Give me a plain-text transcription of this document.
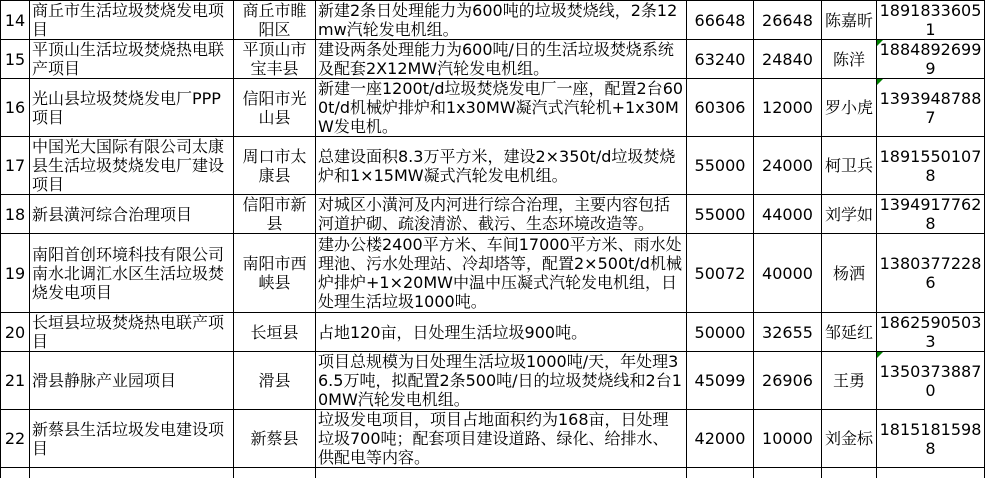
14	商丘市生活垃圾焚烧发电项目	商丘市睢阳区	新建2条日处理能力为600吨的垃圾焚烧线，2条12mw汽轮发电机组。	66648	26648	陈嘉昕	18918336051
15	平顶山生活垃圾焚烧热电联产项目	平顶山市宝丰县	建设两条处理能力为600吨/日的生活垃圾焚烧系统及配套2X12MW汽轮发电机组。	63240	24840	陈洋	18848926999

16	光山县垃圾焚烧发电厂PPP项目	信阳市光山县	新建一座1200t/d垃圾焚烧发电厂一座，配置2台600t/d机械炉排炉和1x30MW凝汽式汽轮机+1x30MW发电机。	60306	12000	罗小虎	13939487887

17	中国光大国际有限公司太康县生活垃圾焚烧发电厂建设项目	周口市太康县	总建设面积8.3万平方米，建设2×350t/d垃圾焚烧炉和1×15MW凝式汽轮发电机组。	55000	24000	柯卫兵	18915501078
18	新县潢河综合治理项目	信阳市新县	对城区小潢河及内河进行综合治理，主要内容包括河道护砌、疏浚清淤、截污、生态环境改造等。	55000	44000	刘学如	13949177628
19	南阳首创环境科技有限公司南水北调汇水区生活垃圾焚烧发电项目	南阳市西峡县	建办公楼2400平方米、车间17000平方米、雨水处理池、污水处理站、冷却塔等，配置2×500t/d机械炉排炉+1×20MW中温中压凝式汽轮发电机组，日处理生活垃圾1000吨。	50072	40000	杨洒	13803772286
20	长垣县垃圾焚烧热电联产项目	长垣县	占地120亩，日处理生活垃圾900吨。	50000	32655	邹延红	18625905033
21	滑县静脉产业园项目	滑县	项目总规模为日处理生活垃圾1000吨/天，年处理36.5万吨，拟配置2条500吨/日的垃圾焚烧线和2台10MW汽轮发电机组。	45099	26906	王勇	13503738870

22	新蔡县生活垃圾发电建设项目	新蔡县	垃圾发电项目，项目占地面积约为168亩，日处理垃圾700吨；配套项目建设道路、绿化、给排水、供配电等内容。	42000	10000	刘金标	18151815988
